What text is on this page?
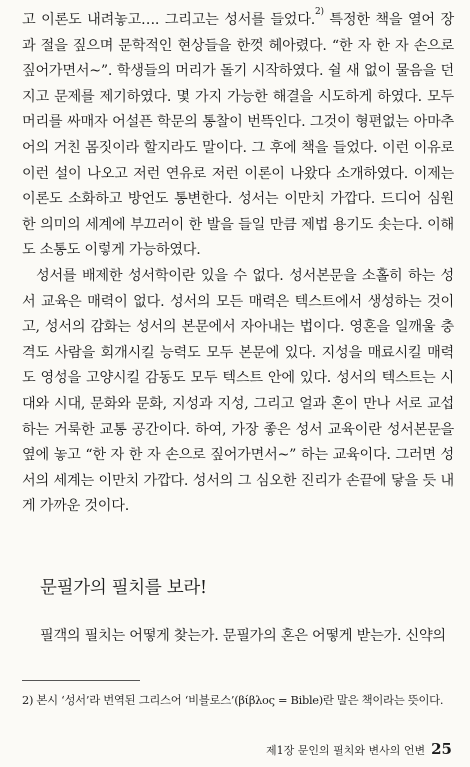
고 이론도 내려놓고…. 그리고는 성서를 들었다.$^{2)}$ 특정한 책을 열어 장과 절을 짚으며 문학적인 현상들을 한껏 헤아렸다. “한 자 한 자 손으로 짚어가면서~”. 학생들의 머리가 돌기 시작하였다. 쉴 새 없이 물음을 던지고 문제를 제기하였다. 몇 가지 가능한 해결을 시도하게 하였다. 모두 머리를 싸매자 어설픈 학문의 통찰이 번뜩인다. 그것이 형편없는 아마추어의 거친 몸짓이라 할지라도 말이다. 그 후에 책을 들었다. 이런 이유로 이런 설이 나오고 저런 연유로 저런 이론이 나왔다 소개하였다. 이제는 이론도 소화하고 방언도 통변한다. 성서는 이만치 가깝다. 드디어 심원한 의미의 세계에 부끄러이 한 발을 들일 만큼 제법 용기도 솟는다. 이해도 소통도 이렇게 가능하였다.

성서를 배제한 성서학이란 있을 수 없다. 성서본문을 소홀히 하는 성서 교육은 매력이 없다. 성서의 모든 매력은 텍스트에서 생성하는 것이고, 성서의 감화는 성서의 본문에서 자아내는 법이다. 영혼을 일깨울 충격도 사람을 회개시킬 능력도 모두 본문에 있다. 지성을 매료시킬 매력도 영성을 고양시킬 감동도 모두 텍스트 안에 있다. 성서의 텍스트는 시대와 시대, 문화와 문화, 지성과 지성, 그리고 얼과 혼이 만나 서로 교섭하는 거룩한 교통 공간이다. 하여, 가장 좋은 성서 교육이란 성서본문을 옆에 놓고 “한 자 한 자 손으로 짚어가면서~” 하는 교육이다. 그러면 성서의 세계는 이만치 가깝다. 성서의 그 심오한 진리가 손끝에 닿을 듯 내게 가까운 것이다.

문필가의 필치를 보라!

필객의 필치는 어떻게 찾는가. 문필가의 혼은 어떻게 받는가. 신약의

2) 본시 ‘성서’라 번역된 그리스어 ‘비블로스’(βίβλος = Bible)란 말은 책이라는 뜻이다.

제1장 문인의 필치와 변사의 언변 25
